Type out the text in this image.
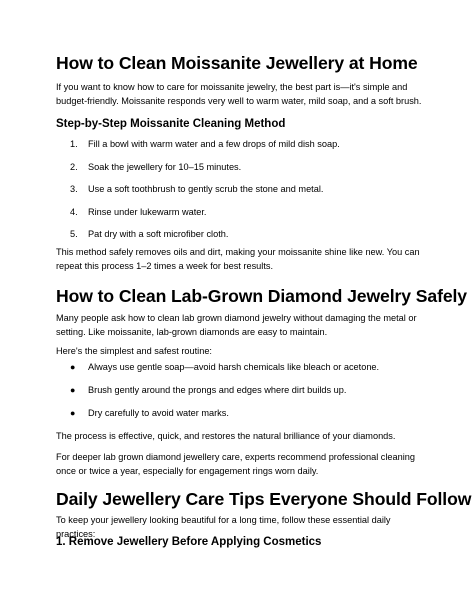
How to Clean Moissanite Jewellery at Home

If you want to know how to care for moissanite jewelry, the best part is—it's simple and budget-friendly. Moissanite responds very well to warm water, mild soap, and a soft brush.

Step-by-Step Moissanite Cleaning Method
1. Fill a bowl with warm water and a few drops of mild dish soap.
2. Soak the jewellery for 10–15 minutes.
3. Use a soft toothbrush to gently scrub the stone and metal.
4. Rinse under lukewarm water.
5. Pat dry with a soft microfiber cloth.

This method safely removes oils and dirt, making your moissanite shine like new. You can repeat this process 1–2 times a week for best results.

How to Clean Lab-Grown Diamond Jewelry Safely

Many people ask how to clean lab grown diamond jewelry without damaging the metal or setting. Like moissanite, lab-grown diamonds are easy to maintain.

Here's the simplest and safest routine:

● Always use gentle soap—avoid harsh chemicals like bleach or acetone.
● Brush gently around the prongs and edges where dirt builds up.
● Dry carefully to avoid water marks.

The process is effective, quick, and restores the natural brilliance of your diamonds.

For deeper lab grown diamond jewellery care, experts recommend professional cleaning once or twice a year, especially for engagement rings worn daily.

Daily Jewellery Care Tips Everyone Should Follow

To keep your jewellery looking beautiful for a long time, follow these essential daily practices:

1. Remove Jewellery Before Applying Cosmetics
